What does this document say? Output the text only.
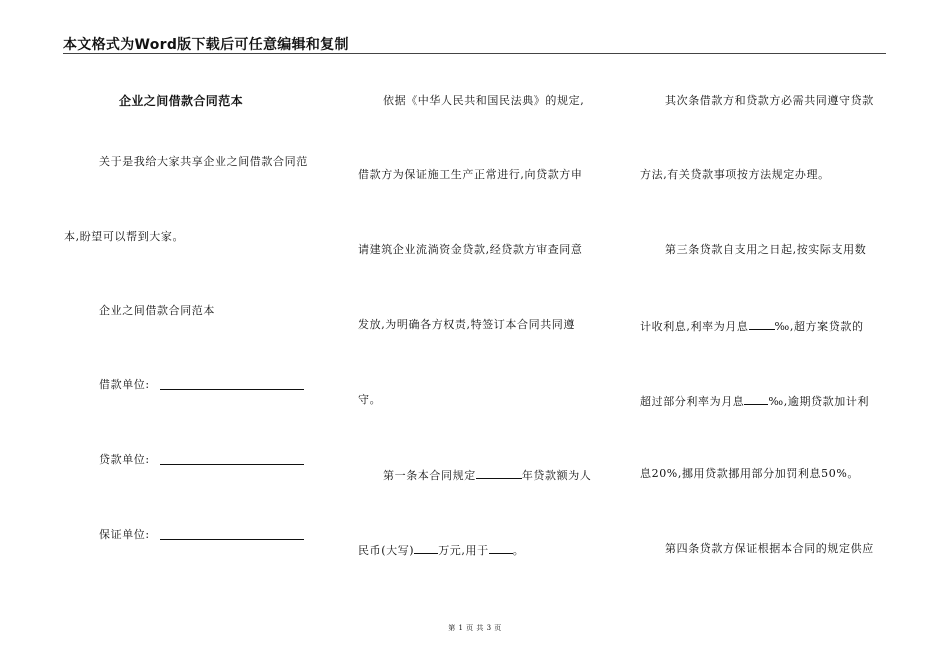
本文格式为Word版下载后可任意编辑和复制
企业之间借款合同范本
关于是我给大家共享企业之间借款合同范
本,盼望可以帮到大家。
企业之间借款合同范本
借款单位:
贷款单位:
保证单位:
依据《中华人民共和国民法典》的规定,
借款方为保证施工生产正常进行,向贷款方申
请建筑企业流淌资金贷款,经贷款方审查同意
发放,为明确各方权责,特签订本合同共同遵
守。
第一条本合同规定	年贷款额为人
民币(大写) 万元,用于 。
其次条借款方和贷款方必需共同遵守贷款
方法,有关贷款事项按方法规定办理。
第三条贷款自支用之日起,按实际支用数
计收利息,利率为月息 ‰,超方案贷款的
超过部分利率为月息 ‰,逾期贷款加计利
息20%,挪用贷款挪用部分加罚利息50%。
第四条贷款方保证根据本合同的规定供应
第 1 页 共 3 页
